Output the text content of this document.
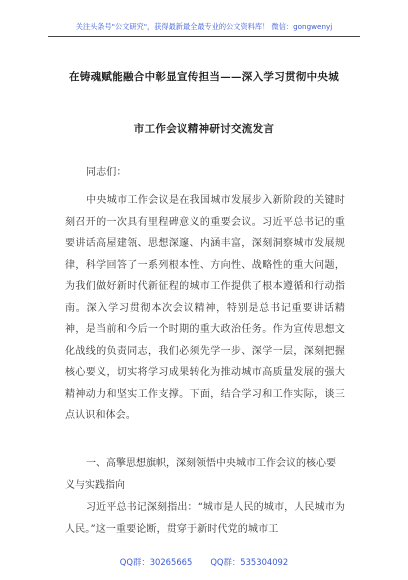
关注头条号"公文研究"，获得最新最全最专业的公文资料库！ 微信：gongwenyj
在铸魂赋能融合中彰显宣传担当——深入学习贯彻中央城
市工作会议精神研讨交流发言
同志们：
中央城市工作会议是在我国城市发展步入新阶段的关键时刻召开的一次具有里程碑意义的重要会议。习近平总书记的重要讲话高屋建瓴、思想深邃、内涵丰富，深刻洞察城市发展规律，科学回答了一系列根本性、方向性、战略性的重大问题，为我们做好新时代新征程的城市工作提供了根本遵循和行动指南。深入学习贯彻本次会议精神，特别是总书记重要讲话精神，是当前和今后一个时期的重大政治任务。作为宣传思想文化战线的负责同志，我们必须先学一步、深学一层，深刻把握核心要义，切实将学习成果转化为推动城市高质量发展的强大精神动力和坚实工作支撑。下面，结合学习和工作实际，谈三点认识和体会。
一、高擎思想旗帜，深刻领悟中央城市工作会议的核心要义与实践指向
习近平总书记深刻指出：“城市是人民的城市，人民城市为人民。”这一重要论断，贯穿于新时代党的城市工
QQ群：30265665 QQ群：535304092
